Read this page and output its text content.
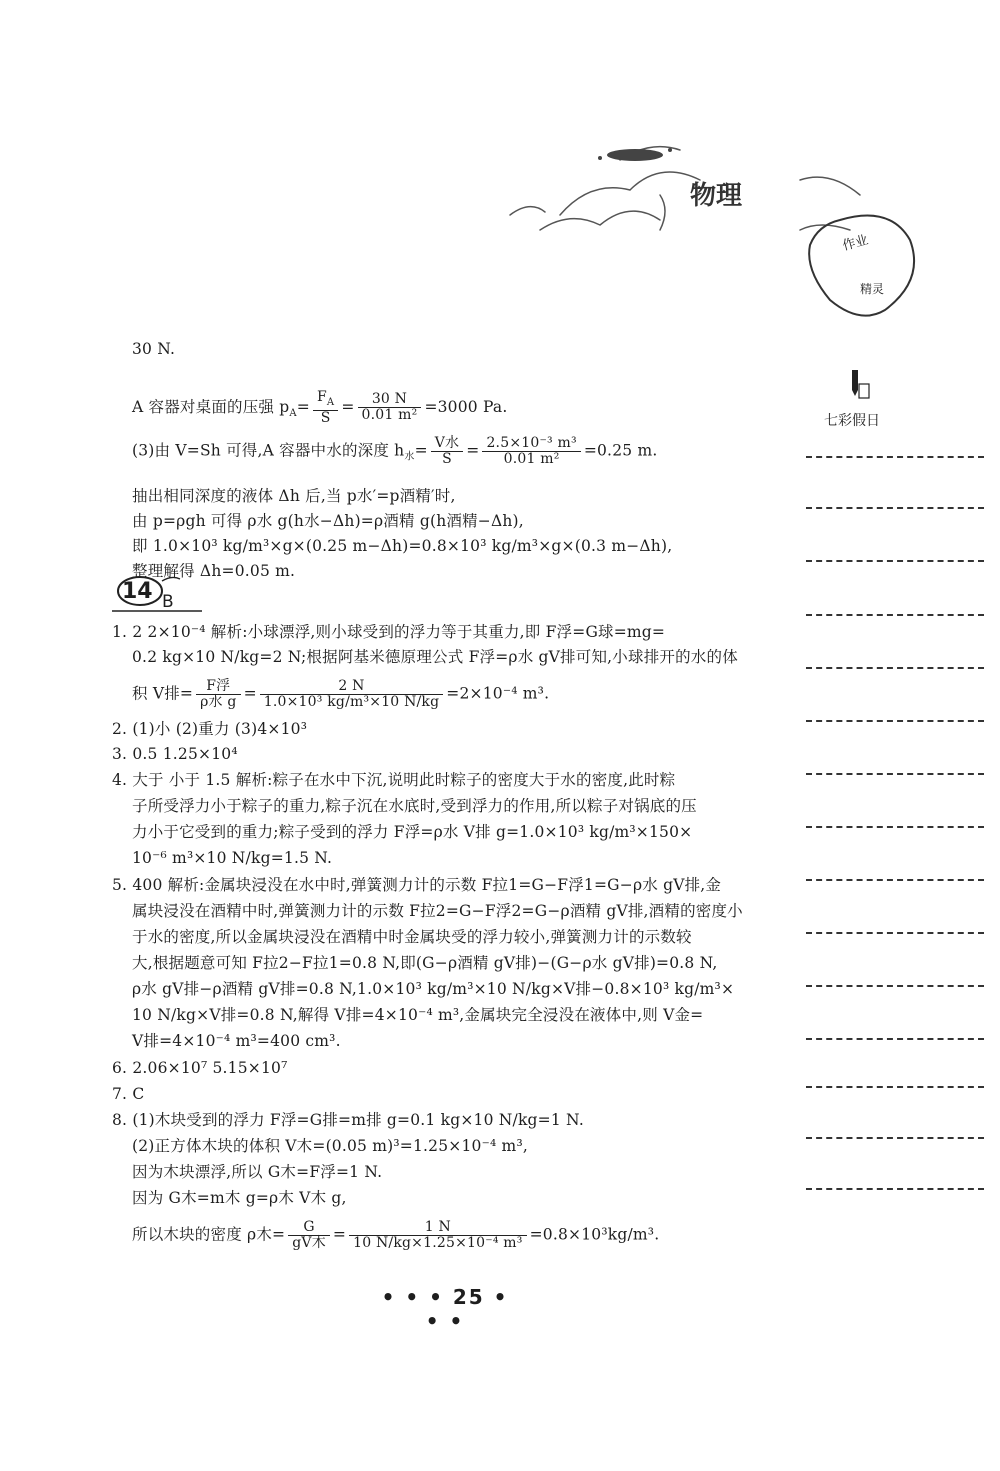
物理
作业
精灵
七彩假日
30 N.
A 容器对桌面的压强 $p_A= \frac{F_A}{S} = \frac{30 N}{\text{0.01 m²}} =3000$ Pa.
(3)由 V=Sh 可得,A 容器中水的深度 $h_水= \frac{\text{V水}}{S} = \frac{\text{2.5×10⁻³ m³}}{\text{0.01 m²}} =0.25$ m.
抽出相同深度的液体 Δh 后,当 p水′=p酒精′时,
由 p=ρgh 可得 ρ水 g(h水−Δh)=ρ酒精 g(h酒精−Δh),
即 1.0×10³ kg/m³×g×(0.25 m−Δh)=0.8×10³ kg/m³×g×(0.3 m−Δh),
整理解得 Δh=0.05 m.
14 B
1. 2 2×10⁻⁴ 解析:小球漂浮,则小球受到的浮力等于其重力,即 F浮=G球=mg=
0.2 kg×10 N/kg=2 N;根据阿基米德原理公式 F浮=ρ水 gV排可知,小球排开的水的体
积 V排= $\frac{\text{F浮}}{\text{ρ水 g}} = \frac{2 N}{\text{1.0×10³ kg/m³×10 N/kg}} =2\times 10^{-4}$ m³.
2. (1)小 (2)重力 (3)4×10³
3. 0.5 1.25×10⁴
4. 大于 小于 1.5 解析:粽子在水中下沉,说明此时粽子的密度大于水的密度,此时粽
子所受浮力小于粽子的重力,粽子沉在水底时,受到浮力的作用,所以粽子对锅底的压
力小于它受到的重力;粽子受到的浮力 F浮=ρ水 V排 g=1.0×10³ kg/m³×150×
10⁻⁶ m³×10 N/kg=1.5 N.
5. 400 解析:金属块浸没在水中时,弹簧测力计的示数 F拉1=G−F浮1=G−ρ水 gV排,金
属块浸没在酒精中时,弹簧测力计的示数 F拉2=G−F浮2=G−ρ酒精 gV排,酒精的密度小
于水的密度,所以金属块浸没在酒精中时金属块受的浮力较小,弹簧测力计的示数较
大,根据题意可知 F拉2−F拉1=0.8 N,即(G−ρ酒精 gV排)−(G−ρ水 gV排)=0.8 N,
ρ水 gV排−ρ酒精 gV排=0.8 N,1.0×10³ kg/m³×10 N/kg×V排−0.8×10³ kg/m³×
10 N/kg×V排=0.8 N,解得 V排=4×10⁻⁴ m³,金属块完全浸没在液体中,则 V金=
V排=4×10⁻⁴ m³=400 cm³.
6. 2.06×10⁷ 5.15×10⁷
7. C
8. (1)木块受到的浮力 F浮=G排=m排 g=0.1 kg×10 N/kg=1 N.
(2)正方体木块的体积 V木=(0.05 m)³=1.25×10⁻⁴ m³,
因为木块漂浮,所以 G木=F浮=1 N.
因为 G木=m木 g=ρ木 V木 g,
所以木块的密度 ρ木= $\frac{G}{\text{gV木}} = \frac{1 N}{\text{10 N/kg×1.25×10⁻⁴ m³}} =0.8\times 10^3kg/m^3$.
• • • 25 • • •
